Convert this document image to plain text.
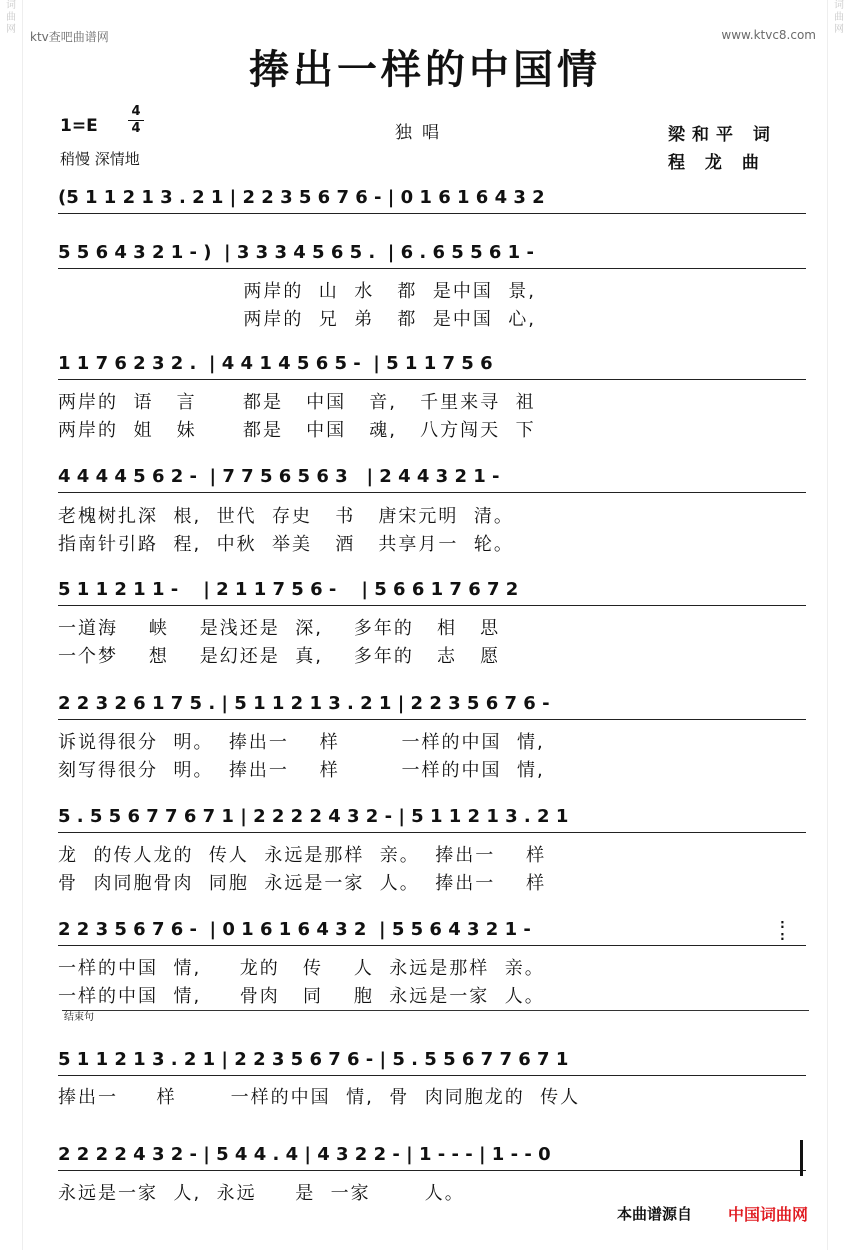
词
曲
网

词
曲
网

ktv查吧曲谱网	www.ktvc8.com
捧出一样的中国情
1=E
4
4
稍慢 深情地
独唱	梁和平 词
程 龙 曲
(5 1 1 2 1 3 . 2 1 | 2 2 3 5 6 7 6 - | 0 1 6 1 6 4 3 2
5 5 6 4 3 2 1 - )  | 3 3 3 4 5 6 5 .  | 6 . 6 5 5 6 1 -
两岸的  山  水   都  是中国  景,
两岸的  兄  弟   都  是中国  心,
1 1 7 6 2 3 2 .  | 4 4 1 4 5 6 5 -  | 5 1 1 7 5 6
两岸的  语   言      都是   中国   音,   千里来寻  祖
两岸的  姐   妹      都是   中国   魂,   八方闯天  下
4 4 4 4 5 6 2 -  | 7 7 5 6 5 6 3   | 2 4 4 3 2 1 -
老槐树扎深  根,  世代  存史   书   唐宋元明  清。
指南针引路  程,  中秋  举美   酒   共享月一  轮。
5 1 1 2 1 1 -    | 2 1 1 7 5 6 -    | 5 6 6 1 7 6 7 2
一道海    峡    是浅还是  深,    多年的   相   思
一个梦    想    是幻还是  真,    多年的   志   愿
2 2 3 2 6 1 7 5 . | 5 1 1 2 1 3 . 2 1 | 2 2 3 5 6 7 6 -
诉说得很分  明。  捧出一    样        一样的中国  情,
刻写得很分  明。  捧出一    样        一样的中国  情,
5 . 5 5 6 7 7 6 7 1 | 2 2 2 2 4 3 2 - | 5 1 1 2 1 3 . 2 1
龙  的传人龙的  传人  永远是那样  亲。  捧出一    样
骨  肉同胞骨肉  同胞  永远是一家  人。  捧出一    样
2 2 3 5 6 7 6 -  | 0 1 6 1 6 4 3 2  | 5 5 6 4 3 2 1 -
一样的中国  情,     龙的   传    人  永远是那样  亲。
一样的中国  情,     骨肉   同    胞  永远是一家  人。
:
:
结束句
5 1 1 2 1 3 . 2 1 | 2 2 3 5 6 7 6 - | 5 . 5 5 6 7 7 6 7 1
捧出一     样       一样的中国  情,  骨  肉同胞龙的  传人
2 2 2 2 4 3 2 - | 5 4 4 . 4 | 4 3 2 2 - | 1 - - - | 1 - - 0
永远是一家  人,  永远     是  一家       人。
本曲谱源自 中国词曲网
